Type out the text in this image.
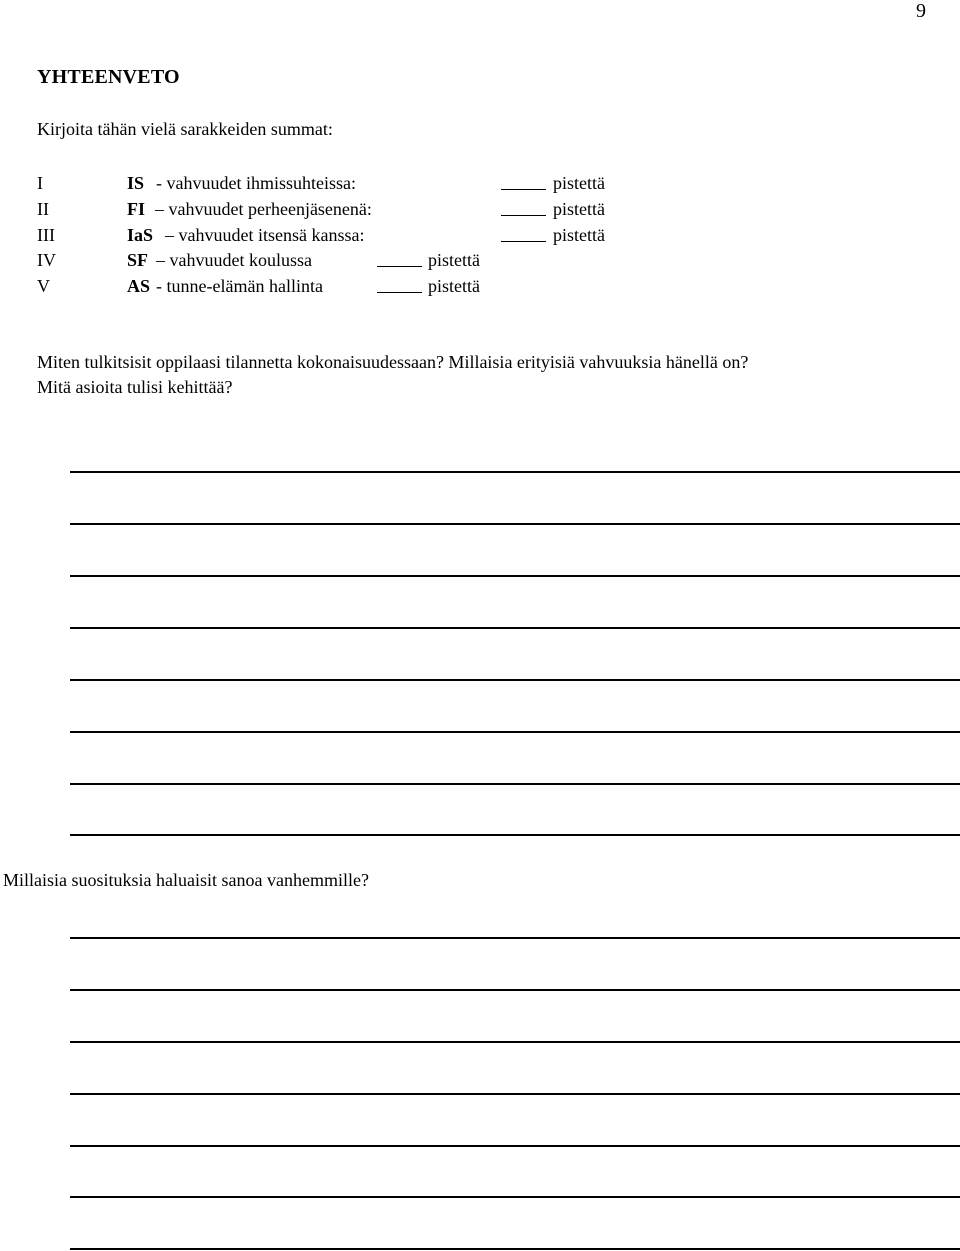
9
YHTEENVETO
Kirjoita tähän vielä sarakkeiden summat:
I	IS - vahvuudet ihmissuhteissa:	pistettä
II	FI – vahvuudet perheenjäsenenä:	pistettä
III	IaS – vahvuudet itsensä kanssa:	pistettä
IV	SF – vahvuudet koulussa	pistettä
V	AS - tunne-elämän hallinta	pistettä
Miten tulkitsisit oppilaasi tilannetta kokonaisuudessaan? Millaisia erityisiä vahvuuksia hänellä on?
Mitä asioita tulisi kehittää?
Millaisia suosituksia haluaisit sanoa vanhemmille?
